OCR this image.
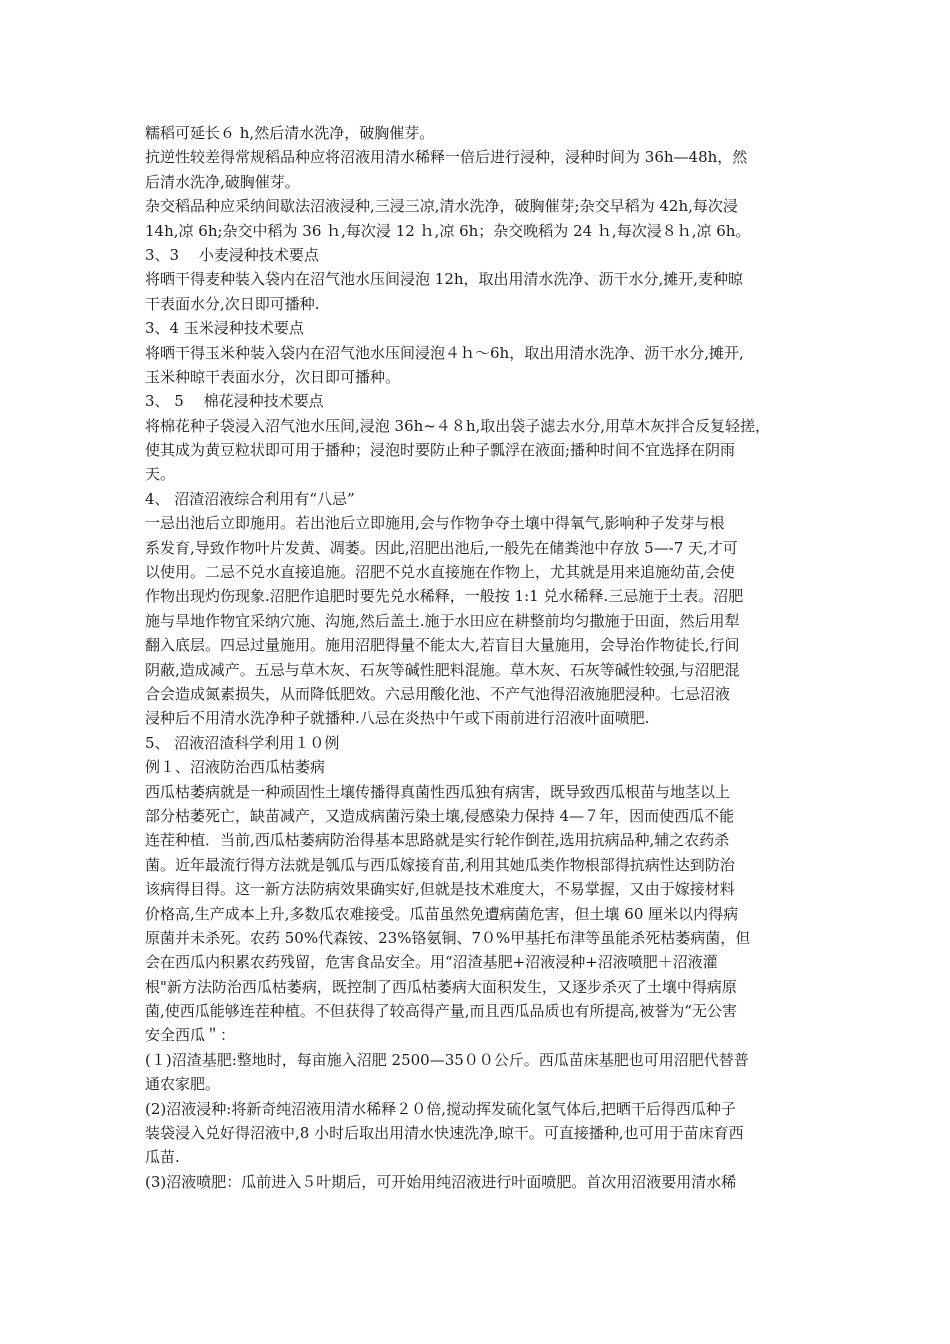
糯稻可延长６ h,然后清水洗净，破胸催芽。
抗逆性较差得常规稻品种应将沼液用清水稀释一倍后进行浸种，浸种时间为 36h—48h，然
后清水洗净,破胸催芽。
杂交稻品种应采纳间歇法沼液浸种,三浸三凉,清水洗净，破胸催芽;杂交早稻为 42h,每次浸
14h,凉 6h;杂交中稻为 36 ｈ,每次浸 12 ｈ,凉 6h；杂交晚稻为 24 ｈ,每次浸８ｈ,凉 6h。
3、3　 小麦浸种技术要点
将晒干得麦种装入袋内在沼气池水压间浸泡 12h，取出用清水洗净、沥干水分,摊开,麦种晾
干表面水分,次日即可播种.
3、4 玉米浸种技术要点
将晒干得玉米种装入袋内在沼气池水压间浸泡４ｈ～6h，取出用清水洗净、沥干水分,摊开,
玉米种晾干表面水分，次日即可播种。
3、 5　 棉花浸种技术要点
将棉花种子袋浸入沼气池水压间,浸泡 36h~４８h,取出袋子滤去水分,用草木灰拌合反复轻搓，
使其成为黄豆粒状即可用于播种；浸泡时要防止种子瓢浮在液面;播种时间不宜选择在阴雨
天。
4、 沼渣沼液综合利用有“八忌”
一忌出池后立即施用。若出池后立即施用,会与作物争夺土壤中得氧气,影响种子发芽与根
系发育,导致作物叶片发黄、凋萎。因此,沼肥出池后,一般先在储粪池中存放 5—-7 天,才可
以使用。二忌不兑水直接追施。沼肥不兑水直接施在作物上，尤其就是用来追施幼苗,会使
作物出现灼伤现象.沼肥作追肥时要先兑水稀释，一般按 1:1 兑水稀释.三忌施于土表。沼肥
施与旱地作物宜采纳穴施、沟施,然后盖土.施于水田应在耕整前均匀撒施于田面，然后用犁
翻入底层。四忌过量施用。施用沼肥得量不能太大,若盲目大量施用，会导治作物徒长,行间
阴蔽,造成减产。五忌与草木灰、石灰等碱性肥料混施。草木灰、石灰等碱性较强,与沼肥混
合会造成氮素损失，从而降低肥效。六忌用酸化池、不产气池得沼液施肥浸种。七忌沼液
浸种后不用清水洗净种子就播种.八忌在炎热中午或下雨前进行沼液叶面喷肥.
5、 沼液沼渣科学利用１０例
例１、沼液防治西瓜枯萎病
西瓜枯萎病就是一种顽固性土壤传播得真菌性西瓜独有病害，既导致西瓜根苗与地茎以上
部分枯萎死亡，缺苗减产，又造成病菌污染土壤,侵感染力保持 4—７年，因而使西瓜不能
连茬种植．当前,西瓜枯萎病防治得基本思路就是实行轮作倒茬,选用抗病品种,辅之农药杀
菌。近年最流行得方法就是瓠瓜与西瓜嫁接育苗,利用其她瓜类作物根部得抗病性达到防治
该病得目得。这一新方法防病效果确实好,但就是技术难度大，不易掌握，又由于嫁接材料
价格高,生产成本上升,多数瓜农难接受。瓜苗虽然免遭病菌危害，但土壤 60 厘米以内得病
原菌并未杀死。农药 50%代森铵、23%铬氨铜、7０%甲基托布津等虽能杀死枯萎病菌，但
会在西瓜内积累农药残留，危害食品安全。用“沼渣基肥+沼液浸种+沼液喷肥＋沼液灌
根"新方法防治西瓜枯萎病，既控制了西瓜枯萎病大面积发生，又逐步杀灭了土壤中得病原
菌,使西瓜能够连茬种植。不但获得了较高得产量,而且西瓜品质也有所提高,被誉为“无公害
安全西瓜＂：
(１)沼渣基肥:整地时，每亩施入沼肥 2500—35００公斤。西瓜苗床基肥也可用沼肥代替普
通农家肥。
(2)沼液浸种:将新奇纯沼液用清水稀释２０倍,搅动挥发硫化氢气体后,把晒干后得西瓜种子
装袋浸入兑好得沼液中,8 小时后取出用清水快速洗净,晾干。可直接播种,也可用于苗床育西
瓜苗.
(3)沼液喷肥：瓜前进入５叶期后，可开始用纯沼液进行叶面喷肥。首次用沼液要用清水稀
